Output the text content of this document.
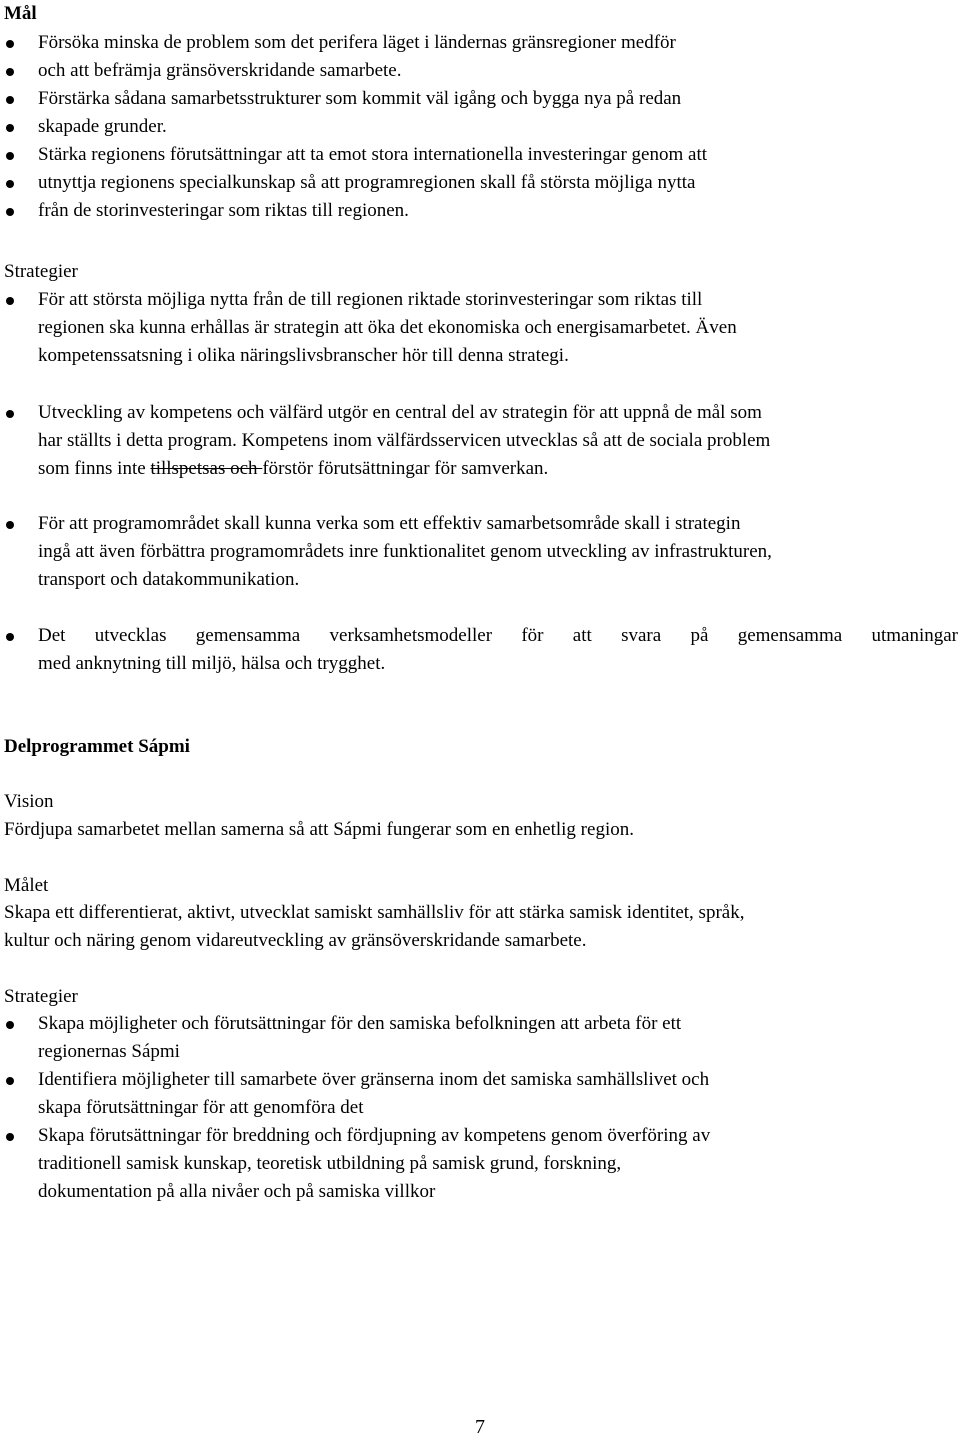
Mål
Försöka minska de problem som det perifera läget i ländernas gränsregioner medför
och att befrämja gränsöverskridande samarbete.
Förstärka sådana samarbetsstrukturer som kommit väl igång och bygga nya på redan
skapade grunder.
Stärka regionens förutsättningar att ta emot stora internationella investeringar genom att
utnyttja regionens specialkunskap så att programregionen skall få största möjliga nytta
från de storinvesteringar som riktas till regionen.
Strategier
För att största möjliga nytta från de till regionen riktade storinvesteringar som riktas till
regionen ska kunna erhållas är strategin att öka det ekonomiska och energisamarbetet. Även
kompetenssatsning i olika näringslivsbranscher hör till denna strategi.
Utveckling av kompetens och välfärd utgör en central del av strategin för att uppnå de mål som
har ställts i detta program. Kompetens inom välfärdsservicen utvecklas så att de sociala problem
som finns inte tillspetsas och förstör förutsättningar för samverkan.
För att programområdet skall kunna verka som ett effektiv samarbetsområde skall i strategin
ingå att även förbättra programområdets inre funktionalitet genom utveckling av infrastrukturen,
transport och datakommunikation.
Det utvecklas gemensamma verksamhetsmodeller för att svara på gemensamma utmaningar
med anknytning till miljö, hälsa och trygghet.
Delprogrammet Sápmi
Vision
Fördjupa samarbetet mellan samerna så att Sápmi fungerar som en enhetlig region.
Målet
Skapa ett differentierat, aktivt, utvecklat samiskt samhällsliv för att stärka samisk identitet, språk,
kultur och näring genom vidareutveckling av gränsöverskridande samarbete.
Strategier
Skapa möjligheter och förutsättningar för den samiska befolkningen att arbeta för ett
regionernas Sápmi
Identifiera möjligheter till samarbete över gränserna inom det samiska samhällslivet och
skapa förutsättningar för att genomföra det
Skapa förutsättningar för breddning och fördjupning av kompetens genom överföring av
traditionell samisk kunskap, teoretisk utbildning på samisk grund, forskning,
dokumentation på alla nivåer och på samiska villkor
7
